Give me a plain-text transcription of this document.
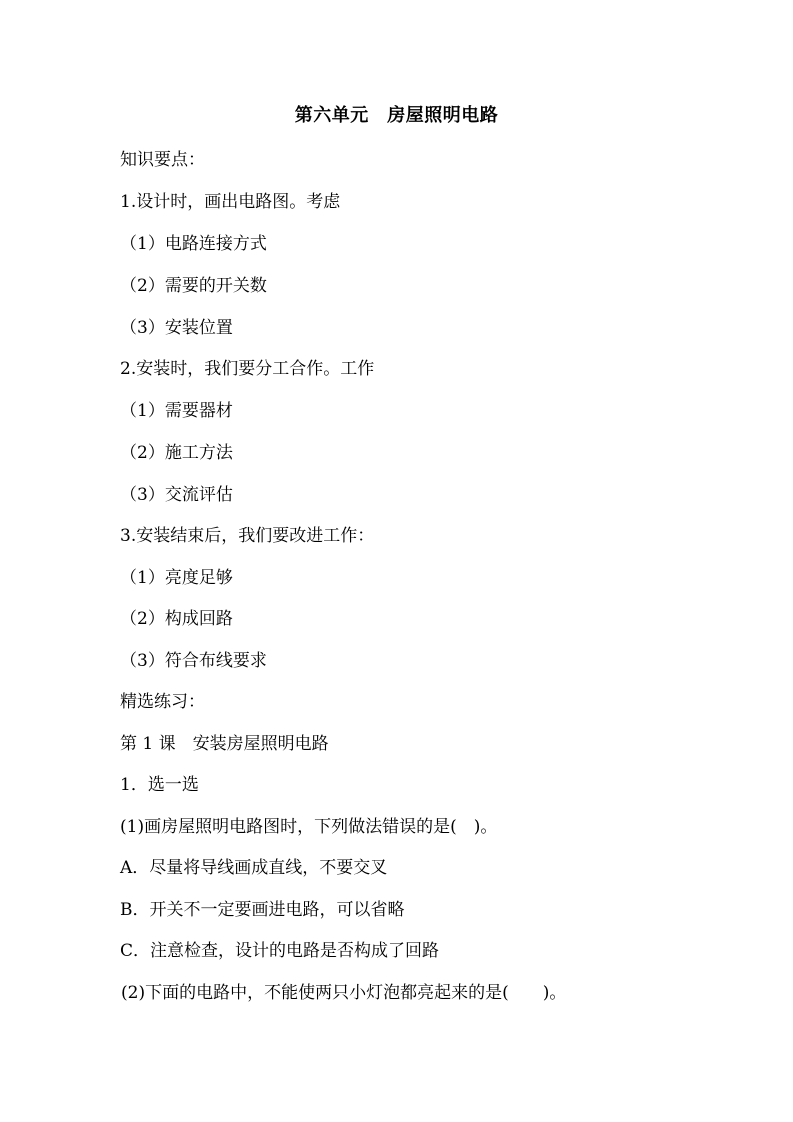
第六单元　房屋照明电路
知识要点：
1.设计时，画出电路图。考虑
（1）电路连接方式
（2）需要的开关数
（3）安装位置
2.安装时，我们要分工合作。工作
（1）需要器材
（2）施工方法
（3）交流评估
3.安装结束后，我们要改进工作：
（1）亮度足够
（2）构成回路
（3）符合布线要求
精选练习：
第 1 课　安装房屋照明电路
1．选一选
(1)画房屋照明电路图时，下列做法错误的是(　)。
A．尽量将导线画成直线，不要交叉
B．开关不一定要画进电路，可以省略
C．注意检查，设计的电路是否构成了回路
(2)下面的电路中，不能使两只小灯泡都亮起来的是(　　)。
